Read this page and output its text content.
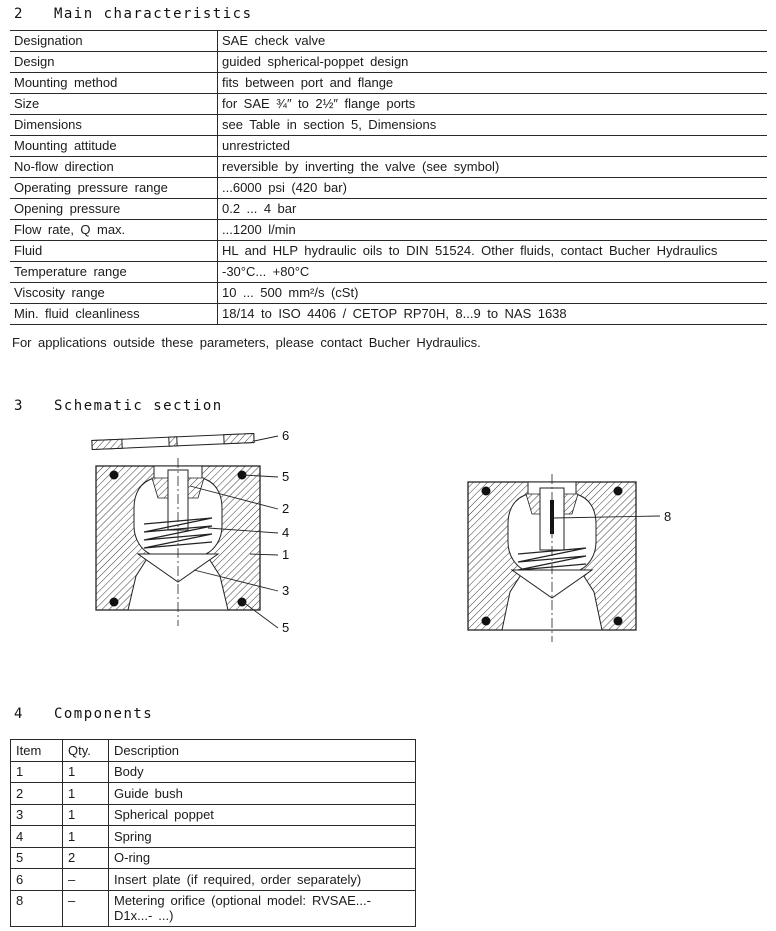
2 Main characteristics
Designation	SAE check valve
Design	guided spherical-poppet design
Mounting method	fits between port and flange
Size	for SAE ¾″ to 2½″ flange ports
Dimensions	see Table in section 5, Dimensions
Mounting attitude	unrestricted
No-flow direction	reversible by inverting the valve (see symbol)
Operating pressure range	...6000 psi (420 bar)
Opening pressure	0.2 ... 4 bar
Flow rate, Q max.	...1200 l/min
Fluid	HL and HLP hydraulic oils to DIN 51524. Other fluids, contact Bucher Hydraulics
Temperature range	-30°C... +80°C
Viscosity range	10 ... 500 mm²/s (cSt)
Min. fluid cleanliness	18/14 to ISO 4406 / CETOP RP70H, 8...9 to NAS 1638
For applications outside these parameters, please contact Bucher Hydraulics.
3 Schematic section
6
5
2
4
1
3
5
8
4 Components
Item	Qty.	Description
1	1	Body
2	1	Guide bush
3	1	Spherical poppet
4	1	Spring
5	2	O-ring
6	–	Insert plate (if required, order separately)
8	–	Metering orifice (optional model: RVSAE...-D1x...- ...)
